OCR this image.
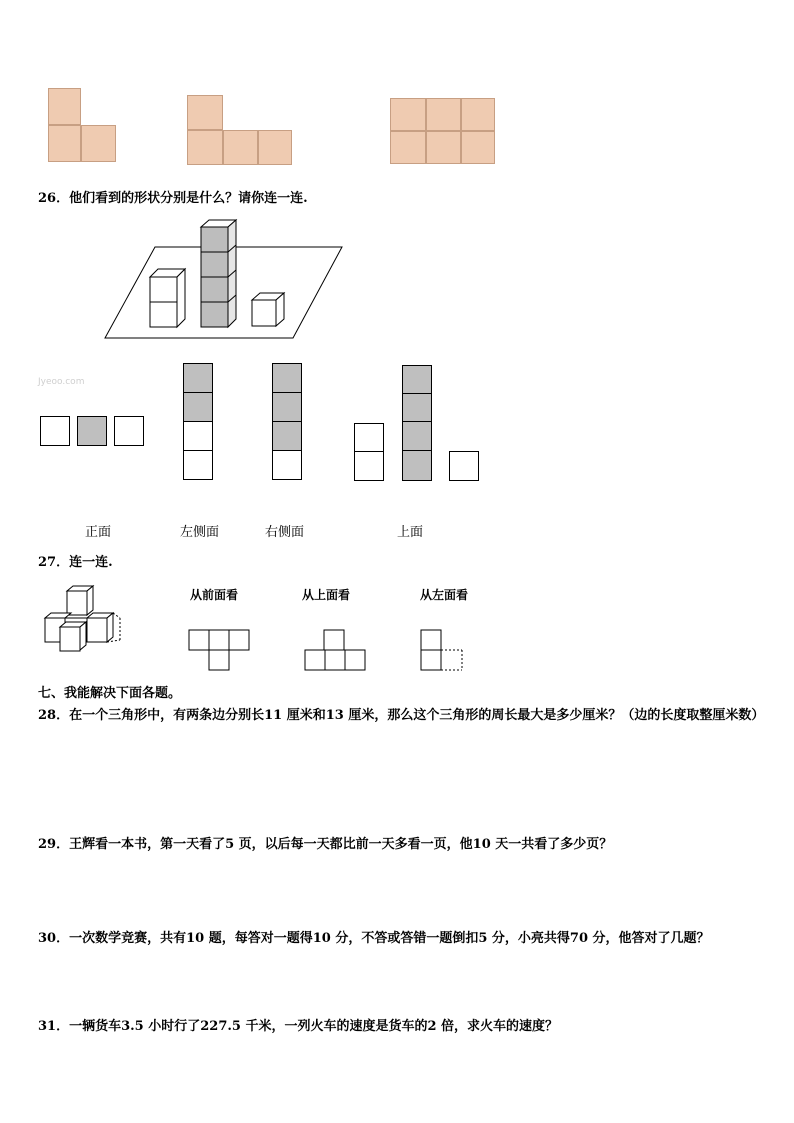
26．他们看到的形状分别是什么？请你连一连.
Jyeoo.com
正面	左侧面	右侧面	上面
27．连一连.
从前面看	从上面看	从左面看
七、我能解决下面各题。
28．在一个三角形中，有两条边分别长11 厘米和13 厘米，那么这个三角形的周长最大是多少厘米？（边的长度取整厘米数）
29．王辉看一本书，第一天看了5 页，以后每一天都比前一天多看一页，他10 天一共看了多少页？
30．一次数学竞赛，共有10 题，每答对一题得10 分，不答或答错一题倒扣5 分，小亮共得70 分，他答对了几题？
31．一辆货车3.5 小时行了227.5 千米，一列火车的速度是货车的2 倍，求火车的速度？
